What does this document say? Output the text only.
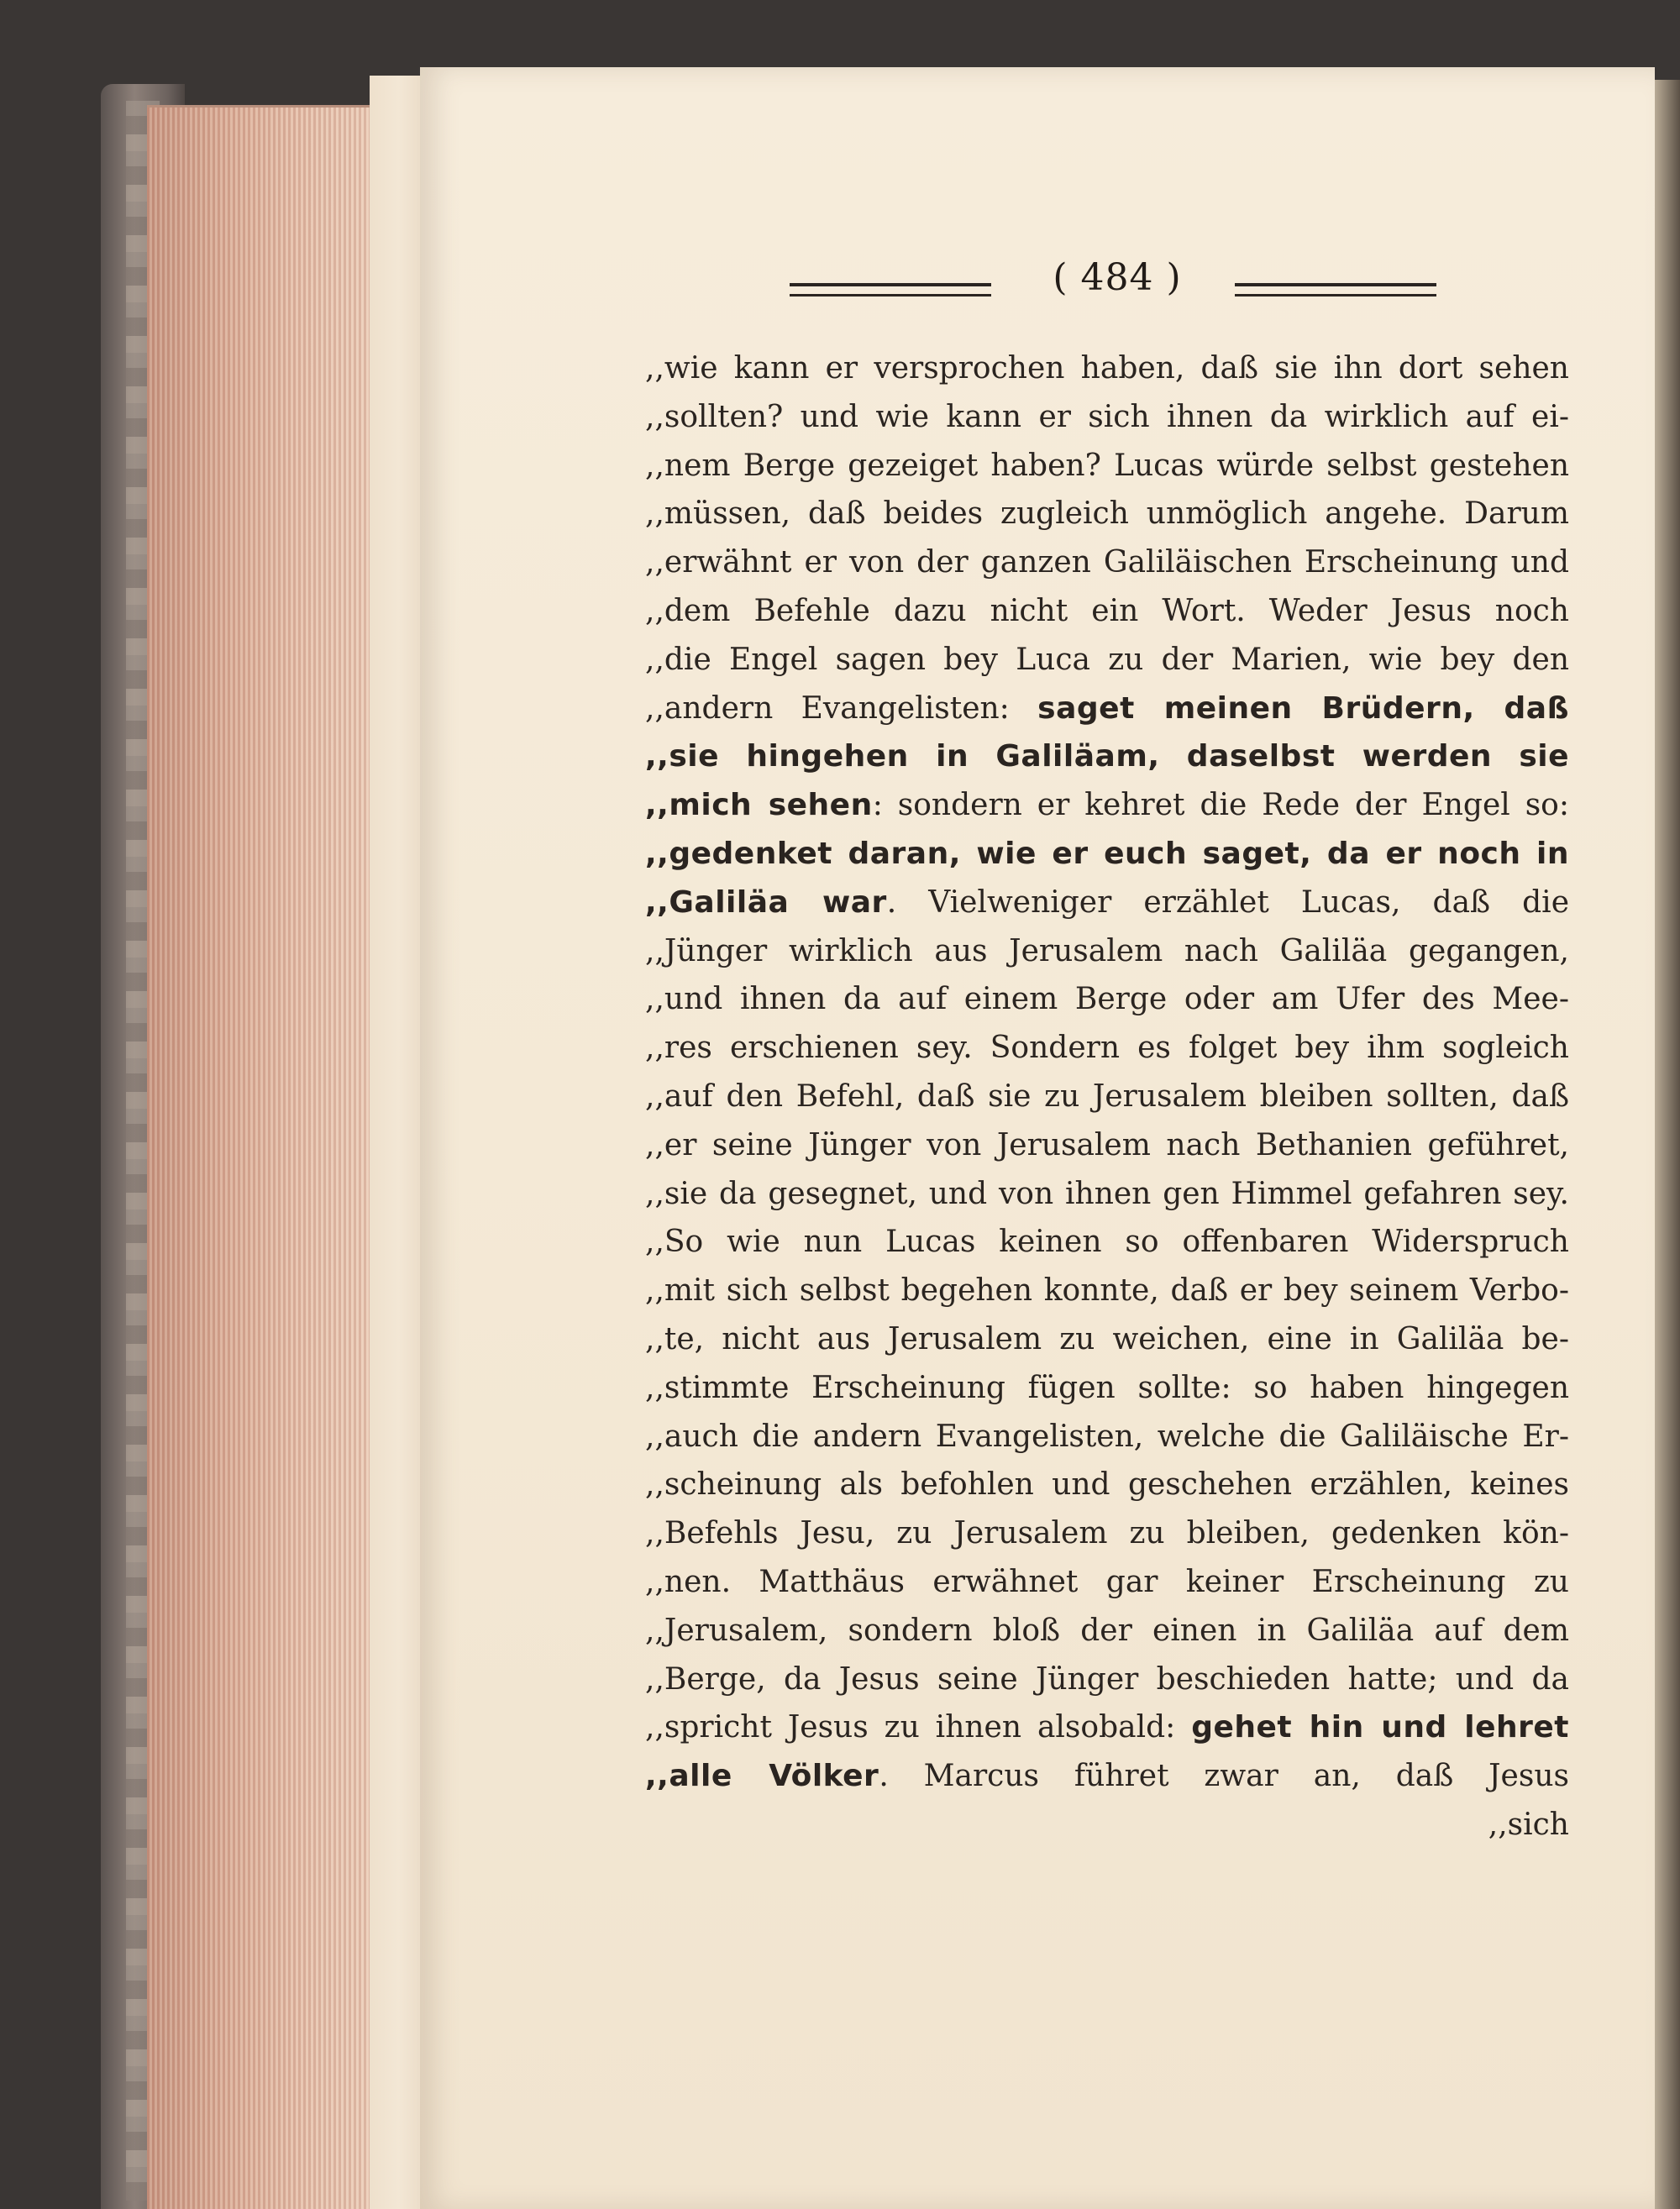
( 484 )
,,wie kann er versprochen haben, daß sie ihn dort sehen
,,sollten? und wie kann er sich ihnen da wirklich auf ei-
,,nem Berge gezeiget haben? Lucas würde selbst gestehen
,,müssen, daß beides zugleich unmöglich angehe. Darum
,,erwähnt er von der ganzen Galiläischen Erscheinung und
,,dem Befehle dazu nicht ein Wort. Weder Jesus noch
,,die Engel sagen bey Luca zu der Marien, wie bey den
,,andern Evangelisten: saget meinen Brüdern, daß
,,sie hingehen in Galiläam, daselbst werden sie
,,mich sehen: sondern er kehret die Rede der Engel so:
,,gedenket daran, wie er euch saget, da er noch in
,,Galiläa war. Vielweniger erzählet Lucas, daß die
,,Jünger wirklich aus Jerusalem nach Galiläa gegangen,
,,und ihnen da auf einem Berge oder am Ufer des Mee-
,,res erschienen sey. Sondern es folget bey ihm sogleich
,,auf den Befehl, daß sie zu Jerusalem bleiben sollten, daß
,,er seine Jünger von Jerusalem nach Bethanien geführet,
,,sie da gesegnet, und von ihnen gen Himmel gefahren sey.
,,So wie nun Lucas keinen so offenbaren Widerspruch
,,mit sich selbst begehen konnte, daß er bey seinem Verbo-
,,te, nicht aus Jerusalem zu weichen, eine in Galiläa be-
,,stimmte Erscheinung fügen sollte: so haben hingegen
,,auch die andern Evangelisten, welche die Galiläische Er-
,,scheinung als befohlen und geschehen erzählen, keines
,,Befehls Jesu, zu Jerusalem zu bleiben, gedenken kön-
,,nen. Matthäus erwähnet gar keiner Erscheinung zu
,,Jerusalem, sondern bloß der einen in Galiläa auf dem
,,Berge, da Jesus seine Jünger beschieden hatte; und da
,,spricht Jesus zu ihnen alsobald: gehet hin und lehret
,,alle Völker. Marcus führet zwar an, daß Jesus
,,sich
